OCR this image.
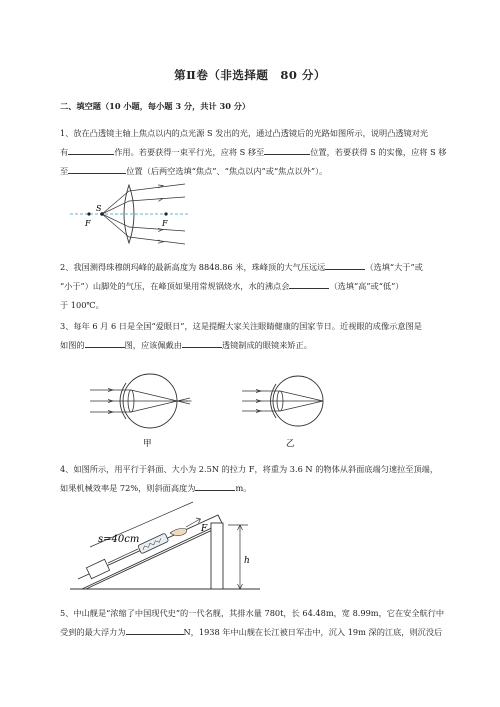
第Ⅱ卷（非选择题　80 分）
二、填空题（10 小题，每小题 3 分，共计 30 分）

1、放在凸透镜主轴上焦点以内的点光源 S 发出的光，通过凸透镜后的光路如图所示，说明凸透镜对光

有	作用。若要获得一束平行光，应将 S 移至	位置，若要获得 S 的实像，应将 S 移

至	位置（后两空选填“焦点”、“焦点以内”或“焦点以外”）。

S
F	F

2、我国测得珠穆朗玛峰的最新高度为 8848.86 米，珠峰顶的大气压远远	（选填“大于”或

“小于”）山脚处的气压，在峰顶如果用常规锅烧水，水的沸点会	（选填“高”或“低”）

于 100℃。

3、每年 6 月 6 日是全国“爱眼日”，这是提醒大家关注眼睛健康的国家节日。近视眼的成像示意图是

如图的	图，应该佩戴由	透镜制成的眼镜来矫正。

甲	乙

4、如图所示，用平行于斜面、大小为 2.5N 的拉力 F，将重为 3.6 N 的物体从斜面底端匀速拉至顶端，

如果机械效率是 72%，则斜面高度为	m。

h
s=40cm
F

5、中山舰是“浓缩了中国现代史”的一代名舰，其排水量 780t，长 64.48m，宽 8.99m，它在安全航行中

受到的最大浮力为	N，1938 年中山舰在长江被日军击中，沉入 19m 深的江底，则沉没后
